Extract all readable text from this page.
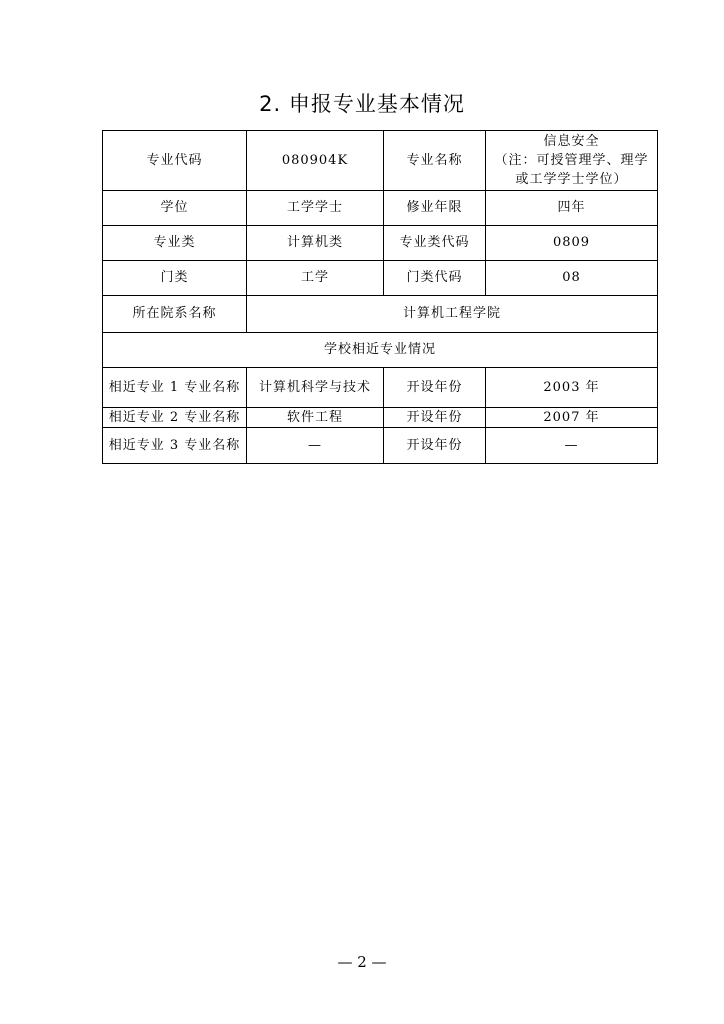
2. 申报专业基本情况
专业代码	080904K	专业名称	信息安全
（注：可授管理学、理学
或工学学士学位）

学位	工学学士	修业年限	四年
专业类	计算机类	专业类代码	0809
门类	工学	门类代码	08
所在院系名称	计算机工程学院		
学校相近专业情况			
相近专业 1 专业名称	计算机科学与技术	开设年份	2003 年
相近专业 2 专业名称	软件工程	开设年份	2007 年
相近专业 3 专业名称	—	开设年份	—
— 2 —
